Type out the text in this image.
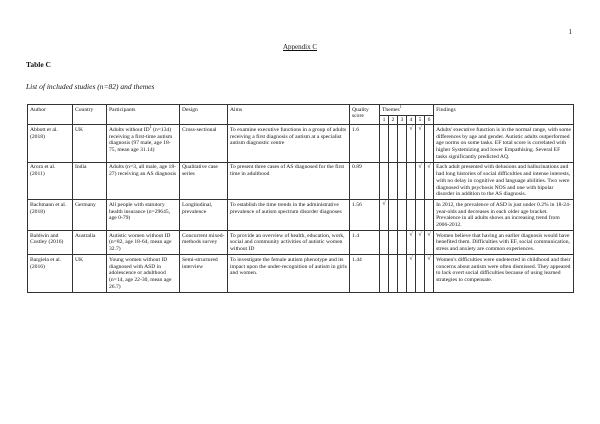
1
Appendix C
Table C
List of included studies (n=82) and themes
Author	Country	Participants	Design	Aims	Quality score	Themes$^1$						Findings
						1	2	3	4	5	6	
Abbott et al. (2018)	UK	Adults without $ID^1$ (n=134) receiving a first-time autism diagnosis (97 male, age 18-75, mean age 31.14)	Cross-sectional	To examine executive functions in a group of adults receiving a first diagnosis of autism at a specialist autism diagnostic centre	1.6				√	√		Adults' executive function is in the normal range, with some differences by age and gender. Autistic adults outperformed age norms on some tasks. EF total score is correlated with higher Systemizing and lower Empathising. Several EF tasks significantly predicted AQ.
Arora et al. (2011)	India	Adults (n=3, all male, age 18-27) receiving an AS diagnosis	Qualitative case series	To present three cases of AS diagnosed for the first time in adulthood	0.89					√	√	Each adult presented with delusions and hallucinations and had long histories of social difficulties and intense interests, with no delay in cognitive and language abilities. Two were diagnosed with psychosis NOS and one with bipolar disorder in addition to the AS diagnosis.
Bachmann et al. (2018)	Germany	All people with statutory health insurance (n=29645, age 0-79)	Longitudinal, prevalence	To establish the time trends in the administrative prevalence of autism spectrum disorder diagnoses	1.56	√						In 2012, the prevalence of ASD is just under 0.2% in 18-24-year-olds and decreases in each older age bracket. Prevalence in all adults shows an increasing trend from 2006-2012.
Baldwin and Costley (2016)	Australia	Autistic women without ID (n=82, age 18-64, mean age 32.7)	Concurrent mixed-methods survey	To provide an overview of health, education, work, social and community activities of autistic women without ID	1.4				√	√	√	Women believe that having an earlier diagnosis would have benefited them. Difficulties with EF, social communication, stress and anxiety are common experiences.
Bargiela et al. (2016)	UK	Young women without ID diagnosed with ASD in adolescence or adulthood (n=14, age 22-30, mean age 26.7)	Semi-structured interview	To investigate the female autism phenotype and its impact upon the under-recognition of autism in girls and women.	1.44				√		√	Women's difficulties were undetected in childhood and their concerns about autism were often dismissed. They appeared to lack overt social difficulties because of using learned strategies to compensate.
